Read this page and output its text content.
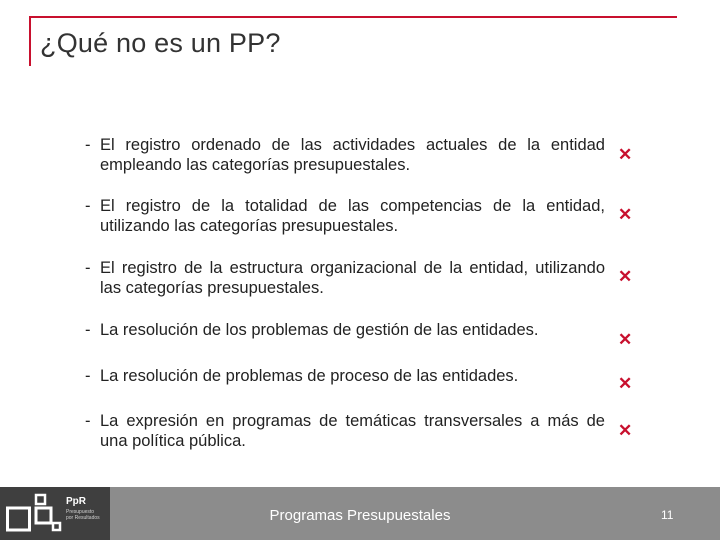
¿Qué no es un PP?
- El registro ordenado de las actividades actuales de la entidad empleando las categorías presupuestales.
✕
- El registro de la totalidad de las competencias de la entidad, utilizando las categorías presupuestales.
✕
- El registro de la estructura organizacional de la entidad, utilizando las categorías presupuestales.
✕
- La resolución de los problemas de gestión de las entidades.	✕
- La resolución de problemas de proceso de las entidades.	✕
- La expresión en programas de temáticas transversales a más de una política pública.
✕
PpR
Presupuesto
por Resultados	Programas Presupuestales	11
